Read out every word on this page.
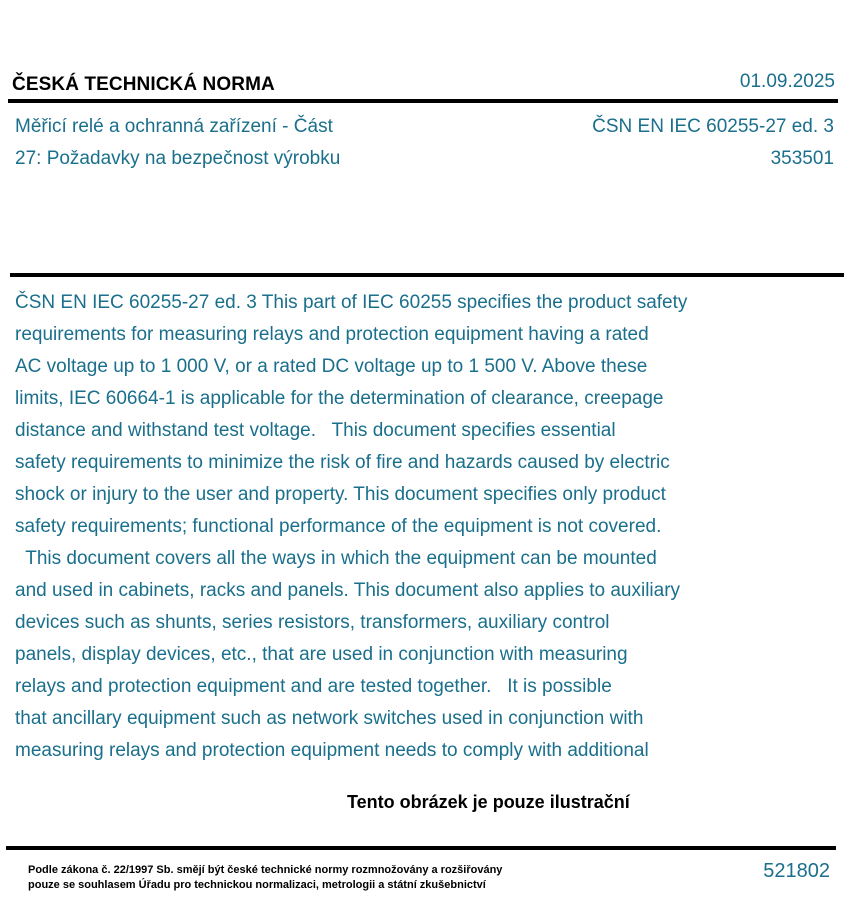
ČESKÁ TECHNICKÁ NORMA	01.09.2025
Měřicí relé a ochranná zařízení - Část
27: Požadavky na bezpečnost výrobku
ČSN EN IEC 60255-27 ed. 3
353501
ČSN EN IEC 60255-27 ed. 3 This part of IEC 60255 specifies the product safety
requirements for measuring relays and protection equipment having a rated
AC voltage up to 1 000 V, or a rated DC voltage up to 1 500 V. Above these
limits, IEC 60664-1 is applicable for the determination of clearance, creepage
distance and withstand test voltage.   This document specifies essential
safety requirements to minimize the risk of fire and hazards caused by electric
shock or injury to the user and property. This document specifies only product
safety requirements; functional performance of the equipment is not covered.
This document covers all the ways in which the equipment can be mounted
and used in cabinets, racks and panels. This document also applies to auxiliary
devices such as shunts, series resistors, transformers, auxiliary control
panels, display devices, etc., that are used in conjunction with measuring
relays and protection equipment and are tested together.   It is possible
that ancillary equipment such as network switches used in conjunction with
measuring relays and protection equipment needs to comply with additional
Tento obrázek je pouze ilustrační
Podle zákona č. 22/1997 Sb. smějí být české technické normy rozmnožovány a rozšiřovány
pouze se souhlasem Úřadu pro technickou normalizaci, metrologii a státní zkušebnictví
521802
